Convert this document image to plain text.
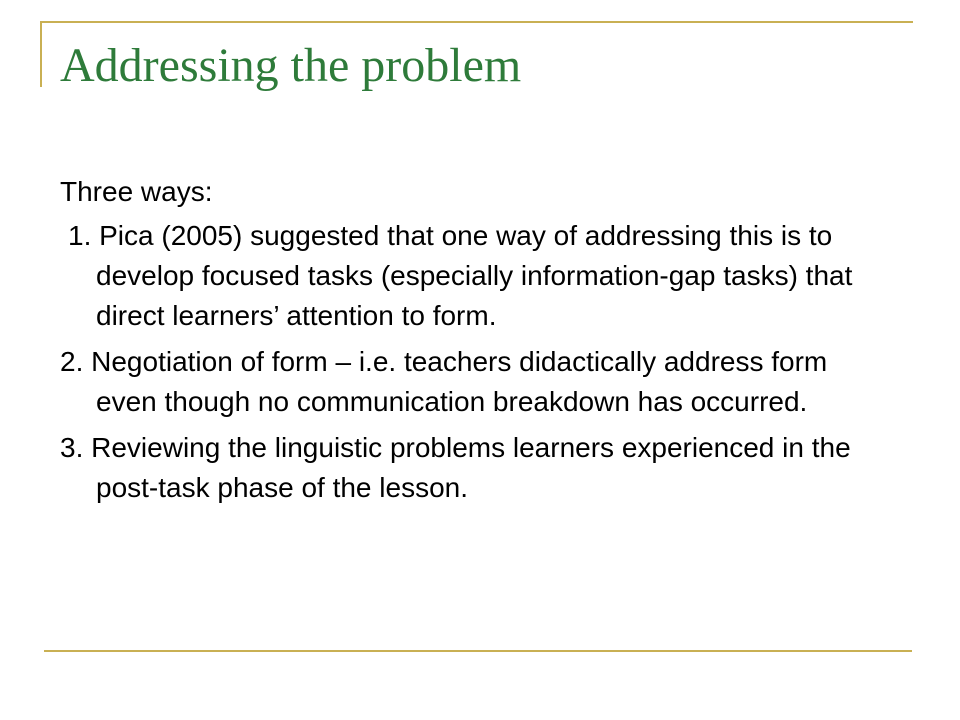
Addressing the problem

Three ways:

1. Pica (2005) suggested that one way of addressing this is to develop focused tasks (especially information-gap tasks) that direct learners’ attention to form.

2. Negotiation of form – i.e. teachers didactically address form even though no communication breakdown has occurred.

3. Reviewing the linguistic problems learners experienced in the post-task phase of the lesson.
